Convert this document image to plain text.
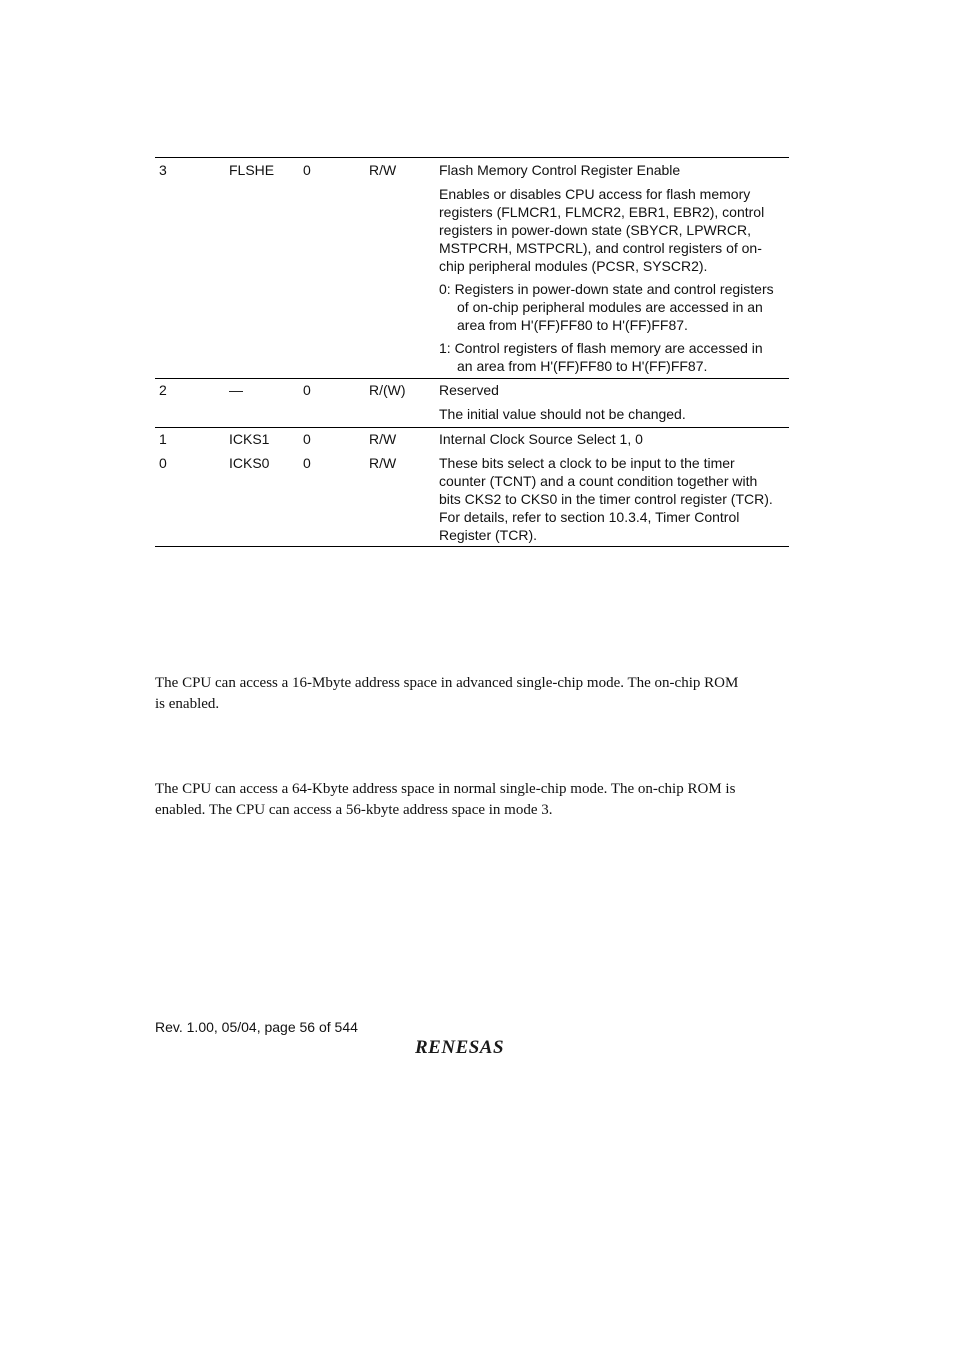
3	FLSHE 0	R/W	Flash Memory Control Register Enable
Enables or disables CPU access for flash memory
registers (FLMCR1, FLMCR2, EBR1, EBR2), control
registers in power-down state (SBYCR, LPWRCR,
MSTPCRH, MSTPCRL), and control registers of on-
chip peripheral modules (PCSR, SYSCR2).
0: Registers in power-down state and control registers
of on-chip peripheral modules are accessed in an
area from H'(FF)FF80 to H'(FF)FF87.
1: Control registers of flash memory are accessed in
an area from H'(FF)FF80 to H'(FF)FF87.
2	—	0	R/(W) Reserved
The initial value should not be changed.
1	ICKS1 0	R/W	Internal Clock Source Select 1, 0
0	ICKS0 0	R/W	These bits select a clock to be input to the timer
counter (TCNT) and a count condition together with
bits CKS2 to CKS0 in the timer control register (TCR).
For details, refer to section 10.3.4, Timer Control
Register (TCR).
The CPU can access a 16-Mbyte address space in advanced single-chip mode. The on-chip ROM
is enabled.
The CPU can access a 64-Kbyte address space in normal single-chip mode. The on-chip ROM is
enabled. The CPU can access a 56-kbyte address space in mode 3.
Rev. 1.00, 05/04, page 56 of 544
RENESAS
